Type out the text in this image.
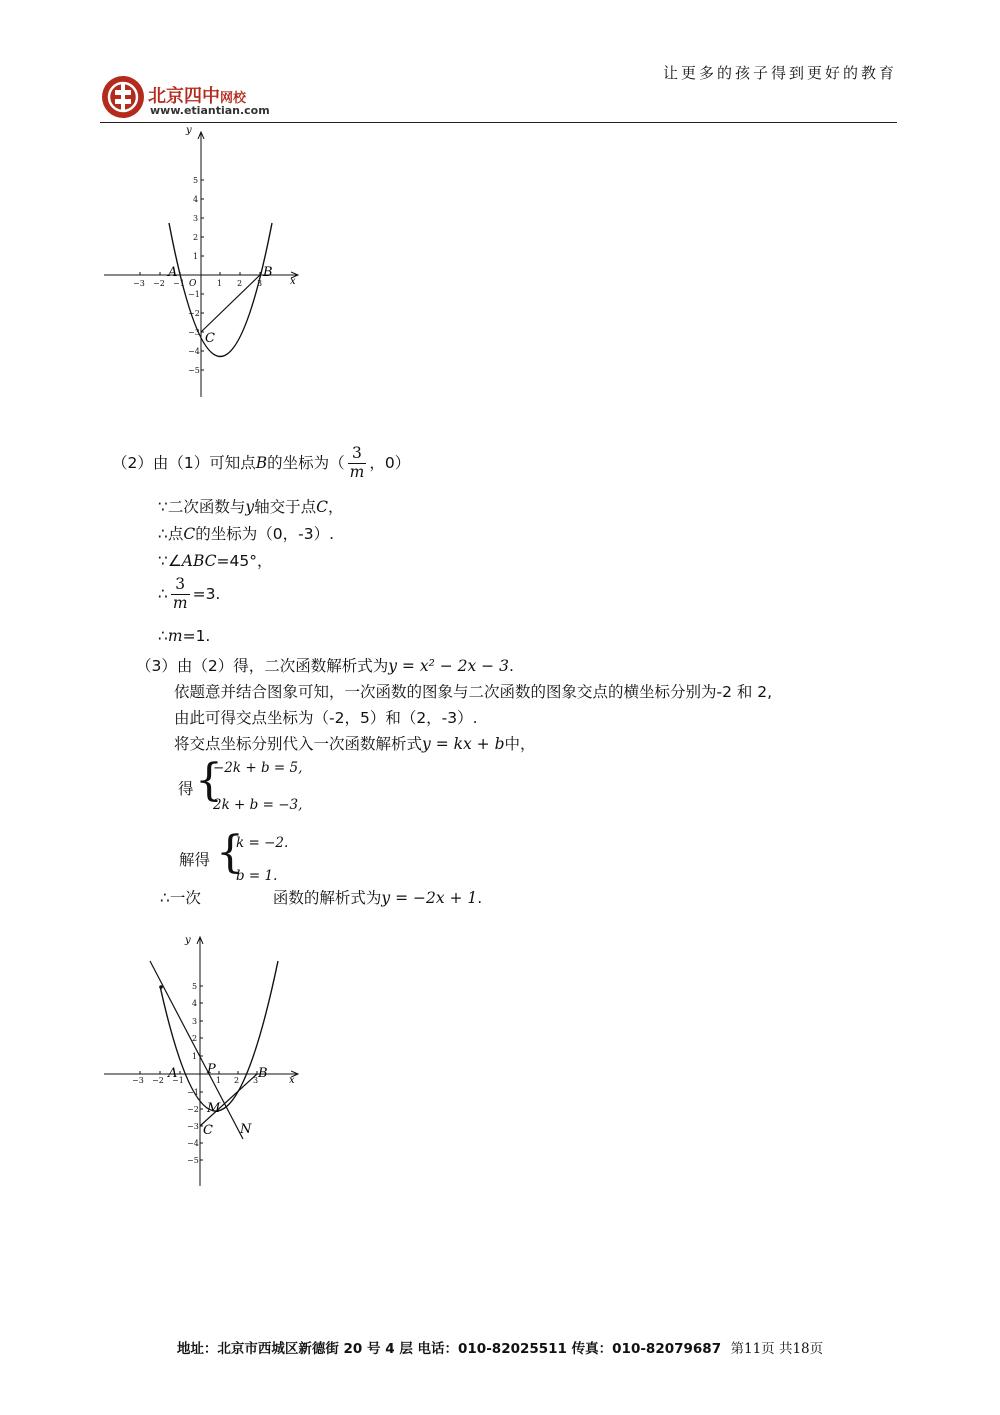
北京四中网校
www.etiantian.com
让更多的孩子得到更好的教育
−3 −2 −1	1 2 3
1
2
3
4
5
−1
−2
−3
−4
−5
x
y
O
A	B
C
（2）由（1）可知点B的坐标为（ $\frac{3}{m}$ ，0）
∵二次函数与y轴交于点C，
∴点C的坐标为（0，-3）.
∵∠ABC=45°，
∴ $\frac{3}{m} =3$.
∴m=1.
（3）由（2）得，二次函数解析式为y = x² − 2x − 3.
依题意并结合图象可知，一次函数的图象与二次函数的图象交点的横坐标分别为-2 和 2,
由此可得交点坐标为（-2，5）和（2，-3）.
将交点坐标分别代入一次函数解析式y = kx + b中，
得 {
−2k + b = 5,
2k + b = −3,
解得 {
k = −2.
b = 1.
∴一次	函数的解析式为y = −2x + 1.
−3 −2 −1	1 2 3
1
2
3
4
5
−1
−2
−3
−4
−5
x
y
A	B
P
M
C N
地址：北京市西城区新德街 20 号 4 层 电话：010-82025511 传真：010-82079687 第11页 共18页
